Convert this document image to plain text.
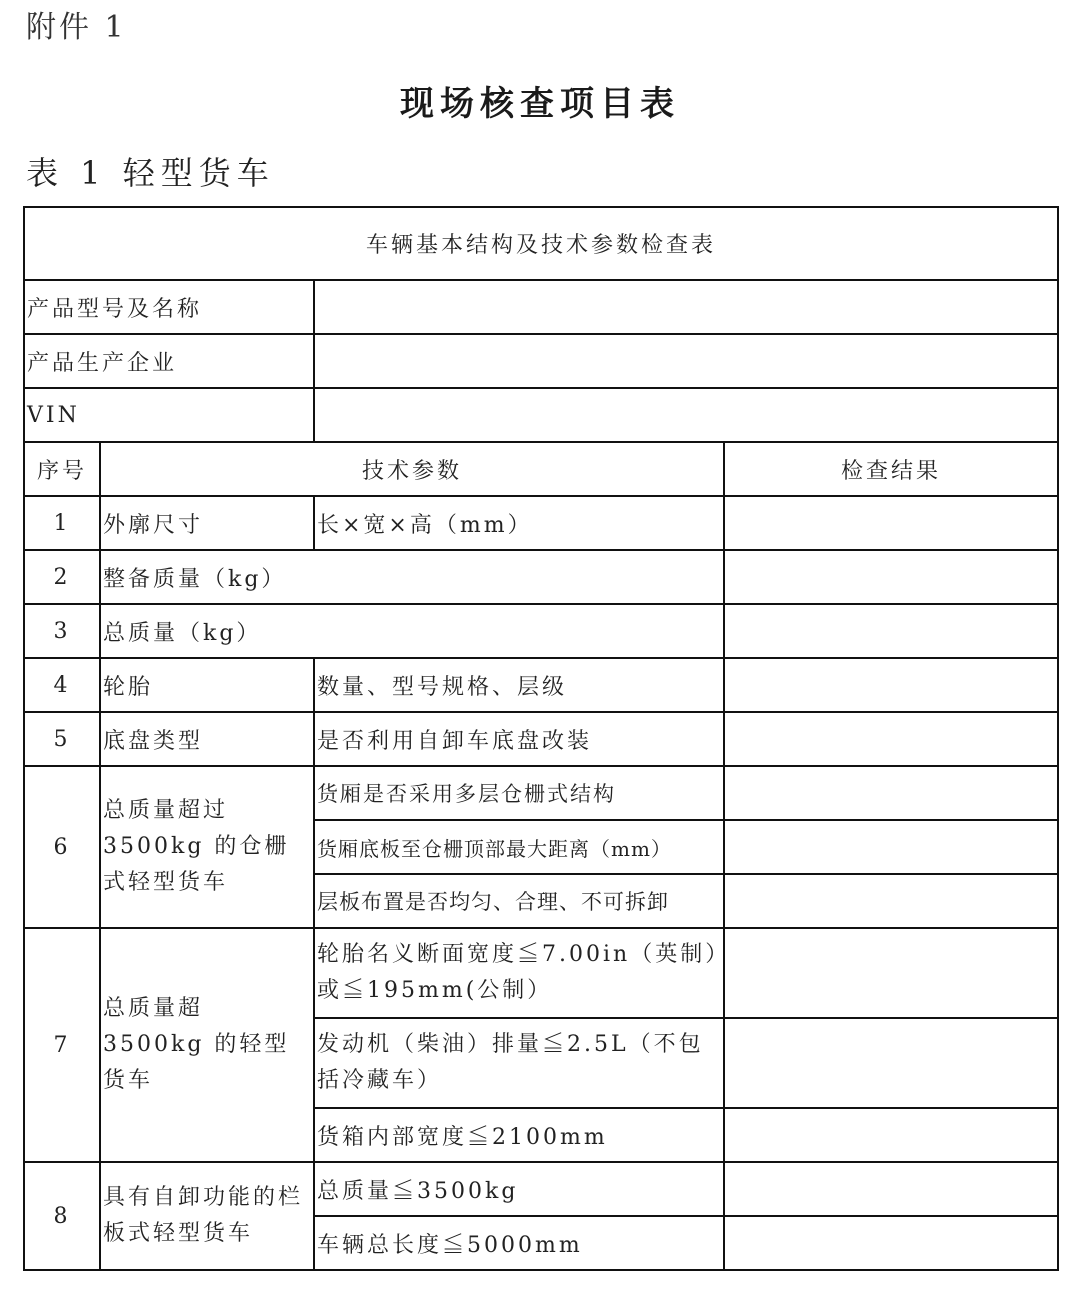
附件 1
现场核查项目表
表 1 轻型货车
车辆基本结构及技术参数检查表			
产品型号及名称			
产品生产企业			
VIN			
序号	技术参数		检查结果
1	外廓尺寸	长×宽×高（mm）	
2	整备质量（kg）		
3	总质量（kg）		
4	轮胎	数量、型号规格、层级	
5	底盘类型	是否利用自卸车底盘改装	
6	总质量超过 3500kg 的仓栅式轻型货车	货厢是否采用多层仓栅式结构	
		货厢底板至仓栅顶部最大距离（mm）	
		层板布置是否均匀、合理、不可拆卸	
7	总质量超 3500kg 的轻型货车	轮胎名义断面宽度≦7.00in（英制）或≦195mm(公制）	
		发动机（柴油）排量≦2.5L（不包括冷藏车）	
		货箱内部宽度≦2100mm	
8	具有自卸功能的栏板式轻型货车	总质量≦3500kg	
		车辆总长度≦5000mm	
